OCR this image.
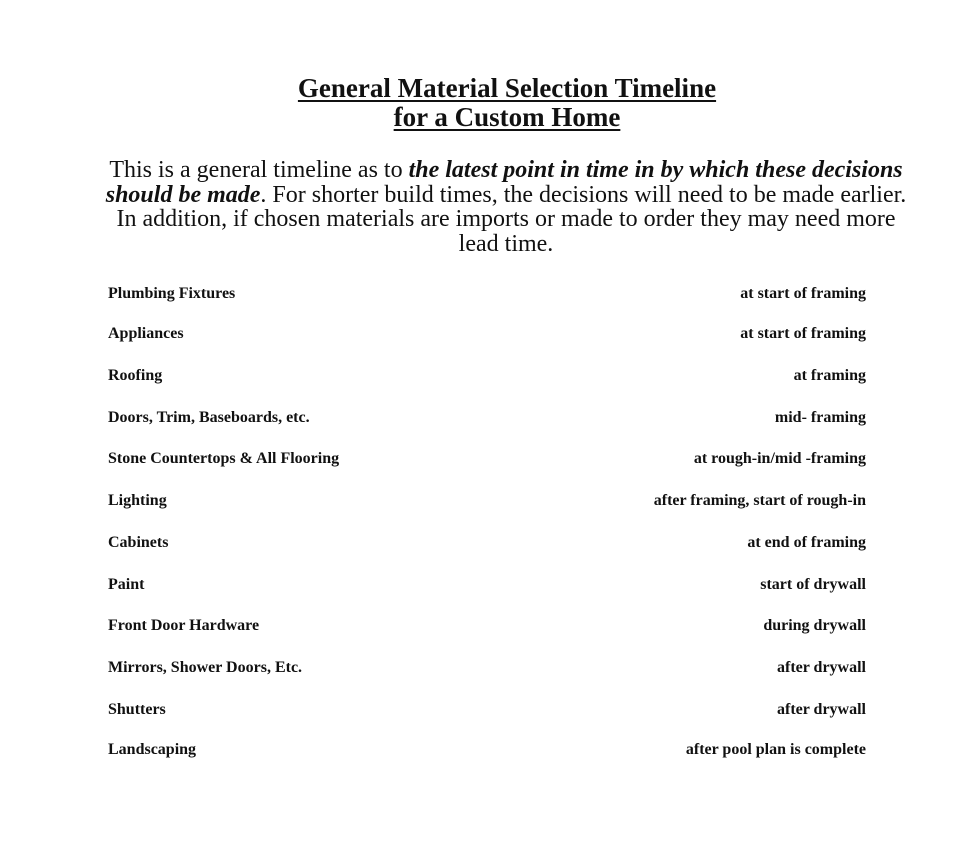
General Material Selection Timeline
for a Custom Home
This is a general timeline as to the latest point in time in by which these decisions should be made. For shorter build times, the decisions will need to be made earlier. In addition, if chosen materials are imports or made to order they may need more lead time.
Plumbing Fixtures	at start of framing
Appliances	at start of framing
Roofing	at framing
Doors, Trim, Baseboards, etc.	mid- framing
Stone Countertops & All Flooring	at rough-in/mid -framing
Lighting	after framing, start of rough-in
Cabinets	at end of framing
Paint	start of drywall
Front Door Hardware	during drywall
Mirrors, Shower Doors, Etc.	after drywall
Shutters	after drywall
Landscaping	after pool plan is complete
